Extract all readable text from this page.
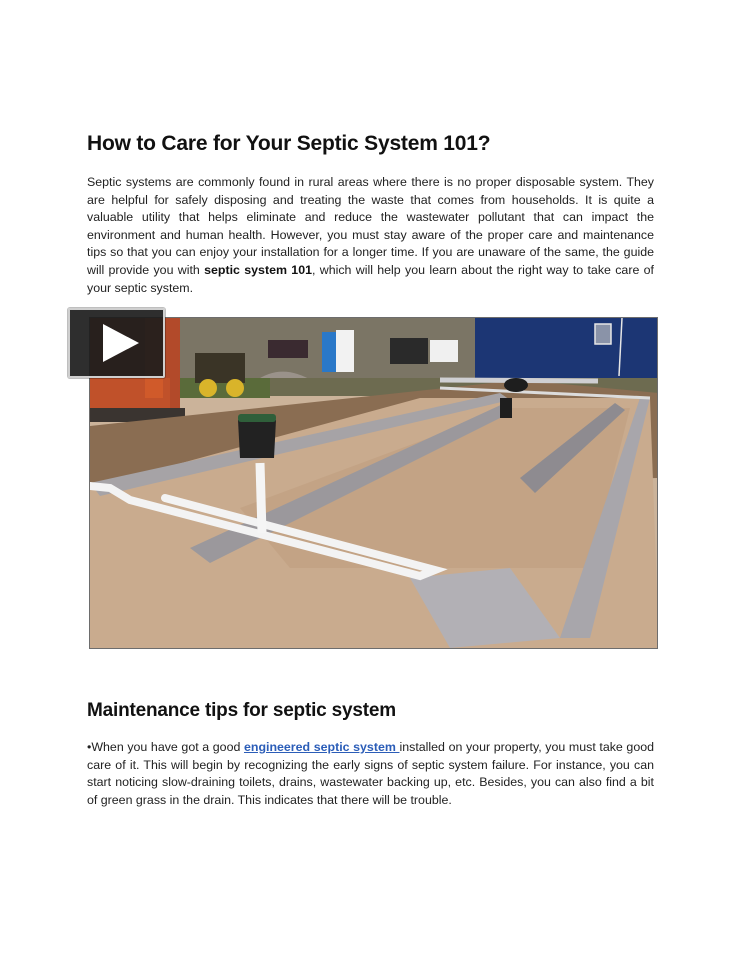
How to Care for Your Septic System 101?

Septic systems are commonly found in rural areas where there is no proper disposable system. They are helpful for safely disposing and treating the waste that comes from households. It is quite a valuable utility that helps eliminate and reduce the wastewater pollutant that can impact the environment and human health. However, you must stay aware of the proper care and maintenance tips so that you can enjoy your installation for a longer time. If you are unaware of the same, the guide will provide you with septic system 101, which will help you learn about the right way to take care of your septic system.

Maintenance tips for septic system

•When you have got a good engineered septic system installed on your property, you must take good care of it. This will begin by recognizing the early signs of septic system failure. For instance, you can start noticing slow-draining toilets, drains, wastewater backing up, etc. Besides, you can also find a bit of green grass in the drain. This indicates that there will be trouble.
